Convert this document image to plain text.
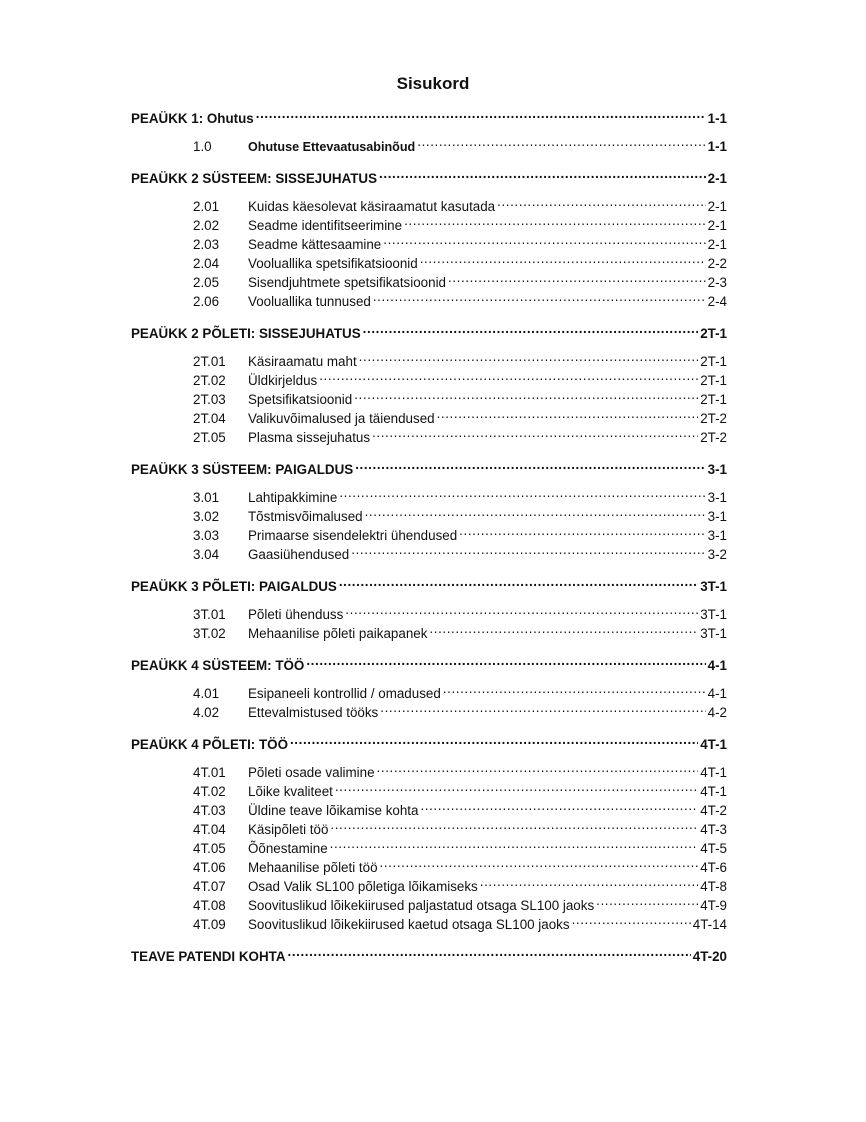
Sisukord
PEAÜKK 1: Ohutus .....	1-1
1.0	Ohutuse Ettevaatusabinõud .....	1-1
PEAÜKK 2 SÜSTEEM: SISSEJUHATUS .....	2-1
2.01	Kuidas käesolevat käsiraamatut kasutada .....	2-1
2.02	Seadme identifitseerimine .....	2-1
2.03	Seadme kättesaamine .....	2-1
2.04	Vooluallika spetsifikatsioonid .....	2-2
2.05	Sisendjuhtmete spetsifikatsioonid .....	2-3
2.06	Vooluallika tunnused .....	2-4
PEAÜKK 2 PÕLETI: SISSEJUHATUS .....	2T-1
2T.01	Käsiraamatu maht .....	2T-1
2T.02	Üldkirjeldus .....	2T-1
2T.03	Spetsifikatsioonid .....	2T-1
2T.04	Valikuvõimalused ja täiendused .....	2T-2
2T.05	Plasma sissejuhatus .....	2T-2
PEAÜKK 3 SÜSTEEM: PAIGALDUS .....	3-1
3.01	Lahtipakkimine .....	3-1
3.02	Tõstmisvõimalused .....	3-1
3.03	Primaarse sisendelektri ühendused .....	3-1
3.04	Gaasiühendused .....	3-2
PEAÜKK 3 PÕLETI: PAIGALDUS .....	3T-1
3T.01	Põleti ühenduss .....	3T-1
3T.02	Mehaanilise põleti paikapanek .....	3T-1
PEAÜKK 4 SÜSTEEM: TÖÖ .....	4-1
4.01	Esipaneeli kontrollid / omadused .....	4-1
4.02	Ettevalmistused tööks .....	4-2
PEAÜKK 4 PÕLETI: TÖÖ .....	4T-1
4T.01	Põleti osade valimine .....	4T-1
4T.02	Lõike kvaliteet .....	4T-1
4T.03	Üldine teave lõikamise kohta .....	4T-2
4T.04	Käsipõleti töö .....	4T-3
4T.05	Õõnestamine .....	4T-5
4T.06	Mehaanilise põleti töö .....	4T-6
4T.07	Osad Valik SL100 põletiga lõikamiseks .....	4T-8
4T.08	Soovituslikud lõikekiirused paljastatud otsaga SL100 jaoks .....	4T-9
4T.09	Soovituslikud lõikekiirused kaetud otsaga SL100 jaoks .....	4T-14
TEAVE PATENDI KOHTA .....	4T-20
